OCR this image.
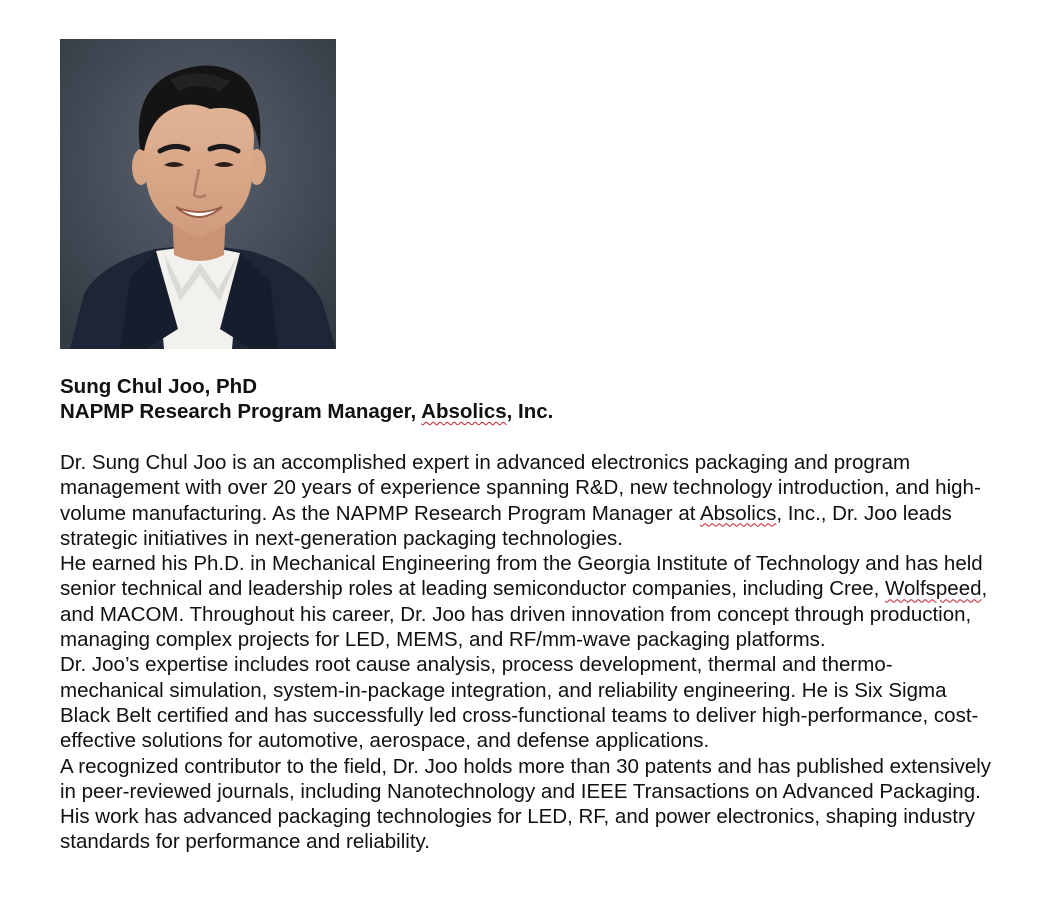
Sung Chul Joo, PhD
NAPMP Research Program Manager, Absolics, Inc.

Dr. Sung Chul Joo is an accomplished expert in advanced electronics packaging and program management with over 20 years of experience spanning R&D, new technology introduction, and high-volume manufacturing. As the NAPMP Research Program Manager at Absolics, Inc., Dr. Joo leads strategic initiatives in next-generation packaging technologies.

He earned his Ph.D. in Mechanical Engineering from the Georgia Institute of Technology and has held senior technical and leadership roles at leading semiconductor companies, including Cree, Wolfspeed, and MACOM. Throughout his career, Dr. Joo has driven innovation from concept through production, managing complex projects for LED, MEMS, and RF/mm-wave packaging platforms.

Dr. Joo’s expertise includes root cause analysis, process development, thermal and thermo-mechanical simulation, system-in-package integration, and reliability engineering. He is Six Sigma Black Belt certified and has successfully led cross-functional teams to deliver high-performance, cost-effective solutions for automotive, aerospace, and defense applications.

A recognized contributor to the field, Dr. Joo holds more than 30 patents and has published extensively in peer-reviewed journals, including Nanotechnology and IEEE Transactions on Advanced Packaging. His work has advanced packaging technologies for LED, RF, and power electronics, shaping industry standards for performance and reliability.
